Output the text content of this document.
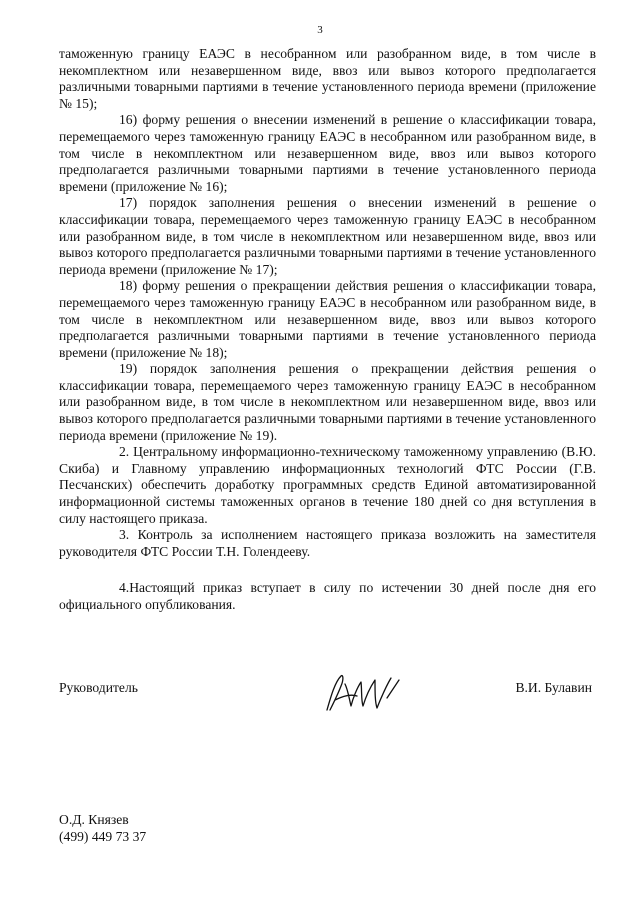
3

таможенную границу ЕАЭС в несобранном или разобранном виде, в том числе в некомплектном или незавершенном виде, ввоз или вывоз которого предполагается различными товарными партиями в течение установленного периода времени (приложение № 15);

16) форму решения о внесении изменений в решение о классификации товара, перемещаемого через таможенную границу ЕАЭС в несобранном или разобранном виде, в том числе в некомплектном или незавершенном виде, ввоз или вывоз которого предполагается различными товарными партиями в течение установленного периода времени (приложение № 16);

17) порядок заполнения решения о внесении изменений в решение о классификации товара, перемещаемого через таможенную границу ЕАЭС в несобранном или разобранном виде, в том числе в некомплектном или незавершенном виде, ввоз или вывоз которого предполагается различными товарными партиями в течение установленного периода времени (приложение № 17);

18) форму решения о прекращении действия решения о классификации товара, перемещаемого через таможенную границу ЕАЭС в несобранном или разобранном виде, в том числе в некомплектном или незавершенном виде, ввоз или вывоз которого предполагается различными товарными партиями в течение установленного периода времени (приложение № 18);

19) порядок заполнения решения о прекращении действия решения о классификации товара, перемещаемого через таможенную границу ЕАЭС в несобранном или разобранном виде, в том числе в некомплектном или незавершенном виде, ввоз или вывоз которого предполагается различными товарными партиями в течение установленного периода времени (приложение № 19).

2. Центральному информационно-техническому таможенному управлению (В.Ю. Скиба) и Главному управлению информационных технологий ФТС России (Г.В. Песчанских) обеспечить доработку программных средств Единой автоматизированной информационной системы таможенных органов в течение 180 дней со дня вступления в силу настоящего приказа.

3. Контроль за исполнением настоящего приказа возложить на заместителя руководителя ФТС России Т.Н. Голендееву.

4.Настоящий приказ вступает в силу по истечении 30 дней после дня его официального опубликования.

Руководитель	В.И. Булавин
О.Д. Князев
(499) 449 73 37
